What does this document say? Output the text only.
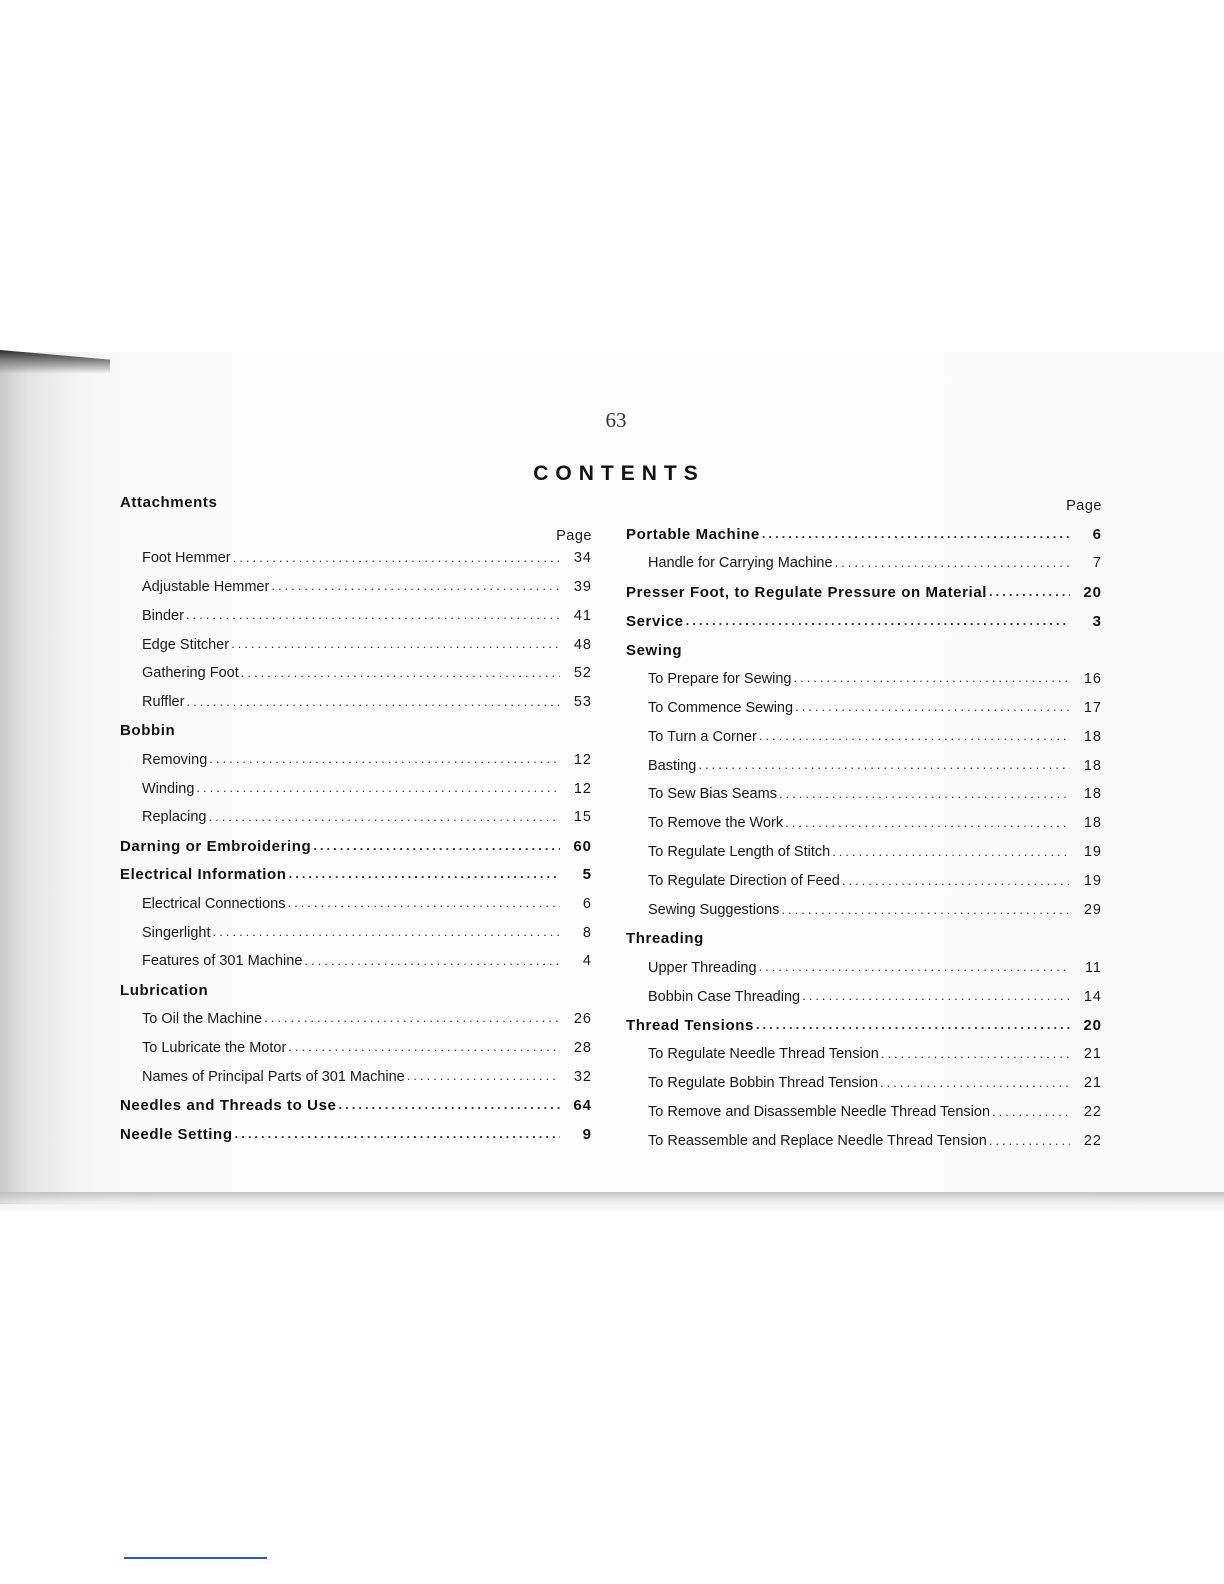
63
CONTENTS
Attachments
Page
Foot Hemmer .....	34
Adjustable Hemmer .....	39
Binder .....	41
Edge Stitcher .....	48
Gathering Foot .....	52
Ruffler .....	53
Bobbin
Removing .....	12
Winding .....	12
Replacing .....	15
Darning or Embroidering .....	60
Electrical Information .....	5
Electrical Connections .....	6
Singerlight .....	8
Features of 301 Machine .....	4
Lubrication
To Oil the Machine .....	26
To Lubricate the Motor .....	28
Names of Principal Parts of 301 Machine .....	32
Needles and Threads to Use .....	64
Needle Setting .....	9
Page
Portable Machine .....	6
Handle for Carrying Machine .....	7
Presser Foot, to Regulate Pressure on Material .....	20
Service .....	3
Sewing
To Prepare for Sewing .....	16
To Commence Sewing .....	17
To Turn a Corner .....	18
Basting .....	18
To Sew Bias Seams .....	18
To Remove the Work .....	18
To Regulate Length of Stitch .....	19
To Regulate Direction of Feed .....	19
Sewing Suggestions .....	29
Threading
Upper Threading .....	11
Bobbin Case Threading .....	14
Thread Tensions .....	20
To Regulate Needle Thread Tension .....	21
To Regulate Bobbin Thread Tension .....	21
To Remove and Disassemble Needle Thread Tension .....	22
To Reassemble and Replace Needle Thread Tension .....	22
